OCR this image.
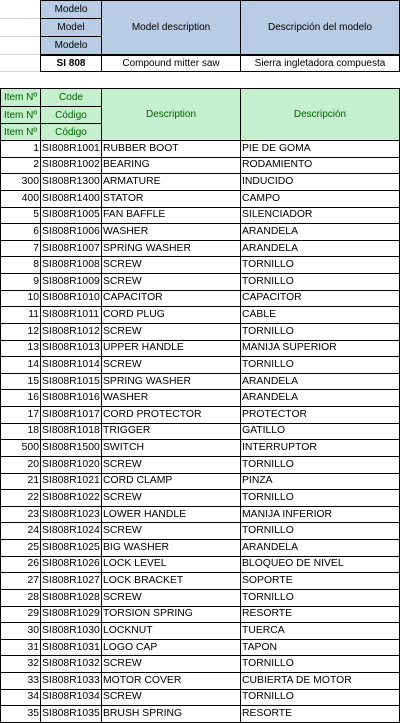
Modelo	Model description	Descripción del modelo
Model		
Modelo		
SI 808	Compound mitter saw	Sierra ingletadora compuesta
Item Nº	Code	Description	Descripción
Item Nº	Código		
Item Nº	Código		
1	SI808R1001	RUBBER BOOT	PIE DE GOMA
2	SI808R1002	BEARING	RODAMIENTO
300	SI808R1300	ARMATURE	INDUCIDO
400	SI808R1400	STATOR	CAMPO
5	SI808R1005	FAN BAFFLE	SILENCIADOR
6	SI808R1006	WASHER	ARANDELA
7	SI808R1007	SPRING WASHER	ARANDELA
8	SI808R1008	SCREW	TORNILLO
9	SI808R1009	SCREW	TORNILLO
10	SI808R1010	CAPACITOR	CAPACITOR
11	SI808R1011	CORD PLUG	CABLE
12	SI808R1012	SCREW	TORNILLO
13	SI808R1013	UPPER HANDLE	MANIJA SUPERIOR
14	SI808R1014	SCREW	TORNILLO
15	SI808R1015	SPRING WASHER	ARANDELA
16	SI808R1016	WASHER	ARANDELA
17	SI808R1017	CORD PROTECTOR	PROTECTOR
18	SI808R1018	TRIGGER	GATILLO
500	SI808R1500	SWITCH	INTERRUPTOR
20	SI808R1020	SCREW	TORNILLO
21	SI808R1021	CORD CLAMP	PINZA
22	SI808R1022	SCREW	TORNILLO
23	SI808R1023	LOWER HANDLE	MANIJA INFERIOR
24	SI808R1024	SCREW	TORNILLO
25	SI808R1025	BIG WASHER	ARANDELA
26	SI808R1026	LOCK LEVEL	BLOQUEO DE NIVEL
27	SI808R1027	LOCK BRACKET	SOPORTE
28	SI808R1028	SCREW	TORNILLO
29	SI808R1029	TORSION SPRING	RESORTE
30	SI808R1030	LOCKNUT	TUERCA
31	SI808R1031	LOGO CAP	TAPON
32	SI808R1032	SCREW	TORNILLO
33	SI808R1033	MOTOR COVER	CUBIERTA DE MOTOR
34	SI808R1034	SCREW	TORNILLO
35	SI808R1035	BRUSH SPRING	RESORTE
